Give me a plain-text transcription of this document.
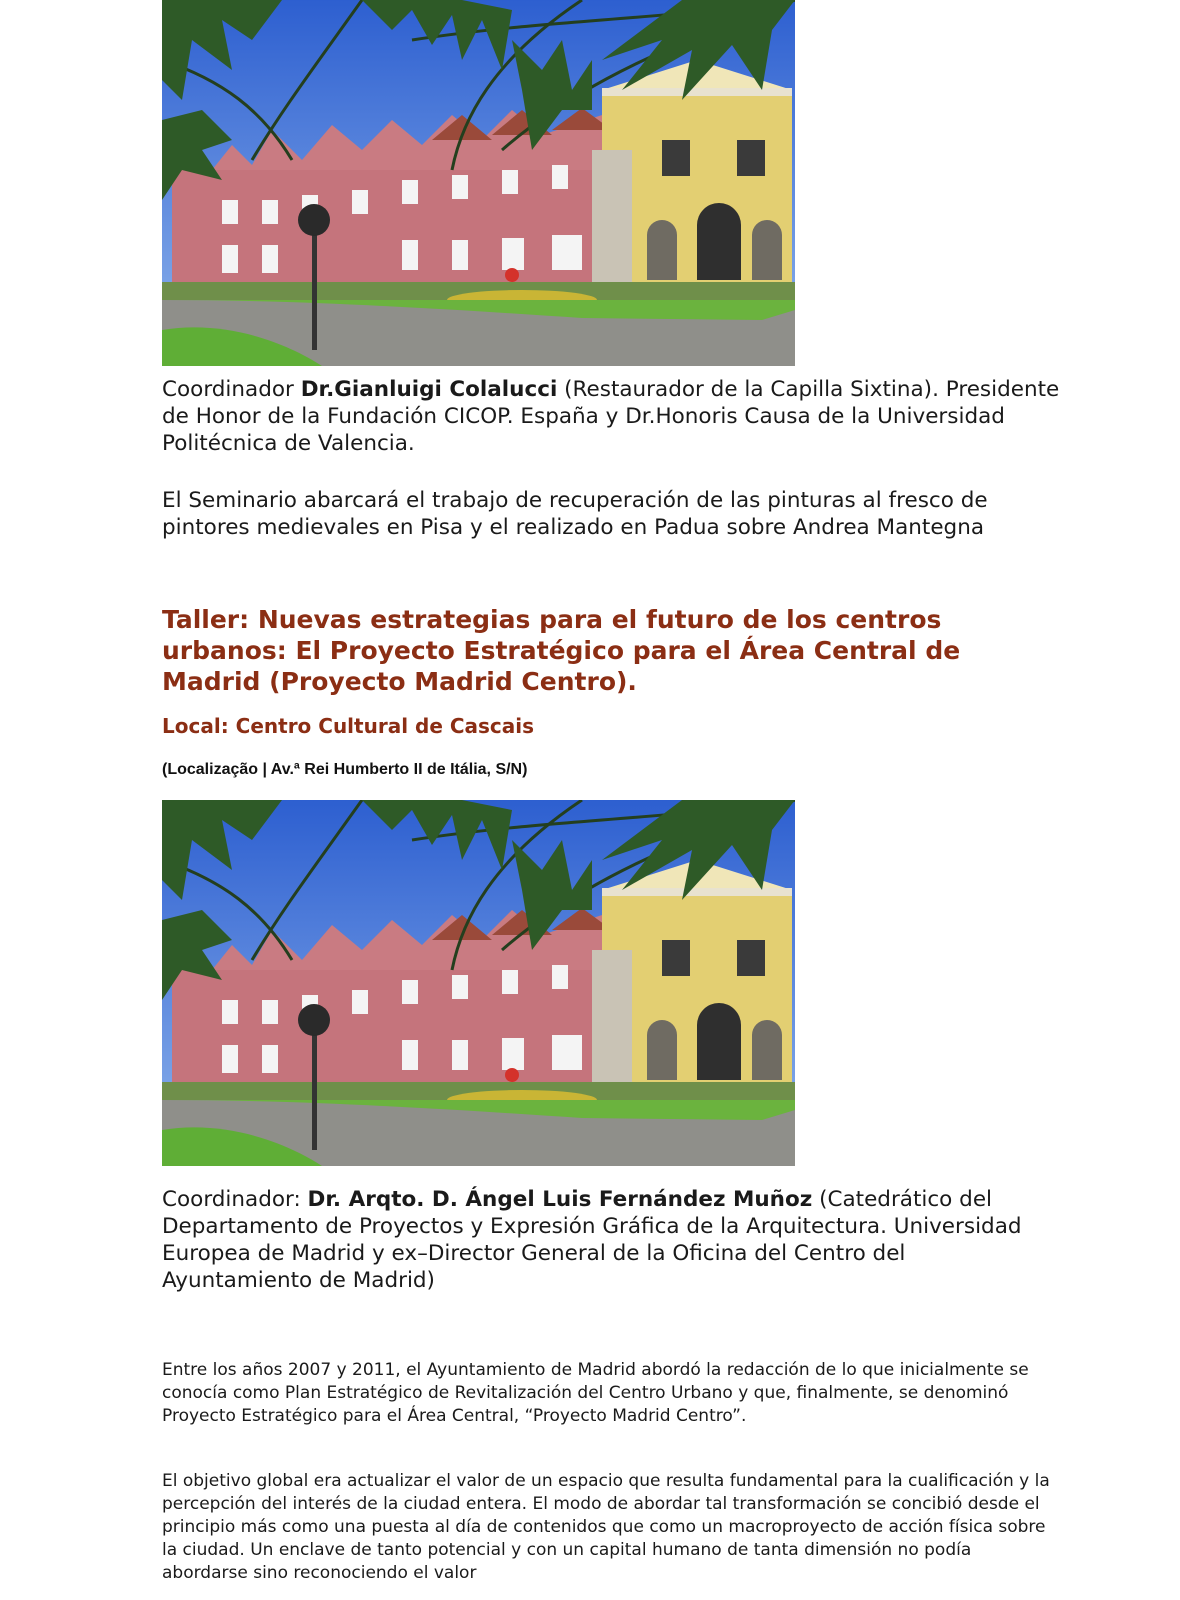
Coordinador Dr.Gianluigi Colalucci (Restaurador de la Capilla Sixtina). Presidente de Honor de la Fundación CICOP. España y Dr.Honoris Causa de la Universidad Politécnica de Valencia.

El Seminario abarcará el trabajo de recuperación de las pinturas al fresco de pintores medievales en Pisa y el realizado en Padua sobre Andrea Mantegna

Taller: Nuevas estrategias para el futuro de los centros urbanos: El Proyecto Estratégico para el Área Central de Madrid (Proyecto Madrid Centro).

Local: Centro Cultural de Cascais

(Localização | Av.ª Rei Humberto II de Itália, S/N)

Coordinador: Dr. Arqto. D. Ángel Luis Fernández Muñoz (Catedrático del Departamento de Proyectos y Expresión Gráfica de la Arquitectura. Universidad Europea de Madrid y ex–Director General de la Oficina del Centro del Ayuntamiento de Madrid)

Entre los años 2007 y 2011, el Ayuntamiento de Madrid abordó la redacción de lo que inicialmente se conocía como Plan Estratégico de Revitalización del Centro Urbano y que, finalmente, se denominó Proyecto Estratégico para el Área Central, “Proyecto Madrid Centro”.

El objetivo global era actualizar el valor de un espacio que resulta fundamental para la cualificación y la percepción del interés de la ciudad entera. El modo de abordar tal transformación se concibió desde el principio más como una puesta al día de contenidos que como un macroproyecto de acción física sobre la ciudad. Un enclave de tanto potencial y con un capital humano de tanta dimensión no podía abordarse sino reconociendo el valor
